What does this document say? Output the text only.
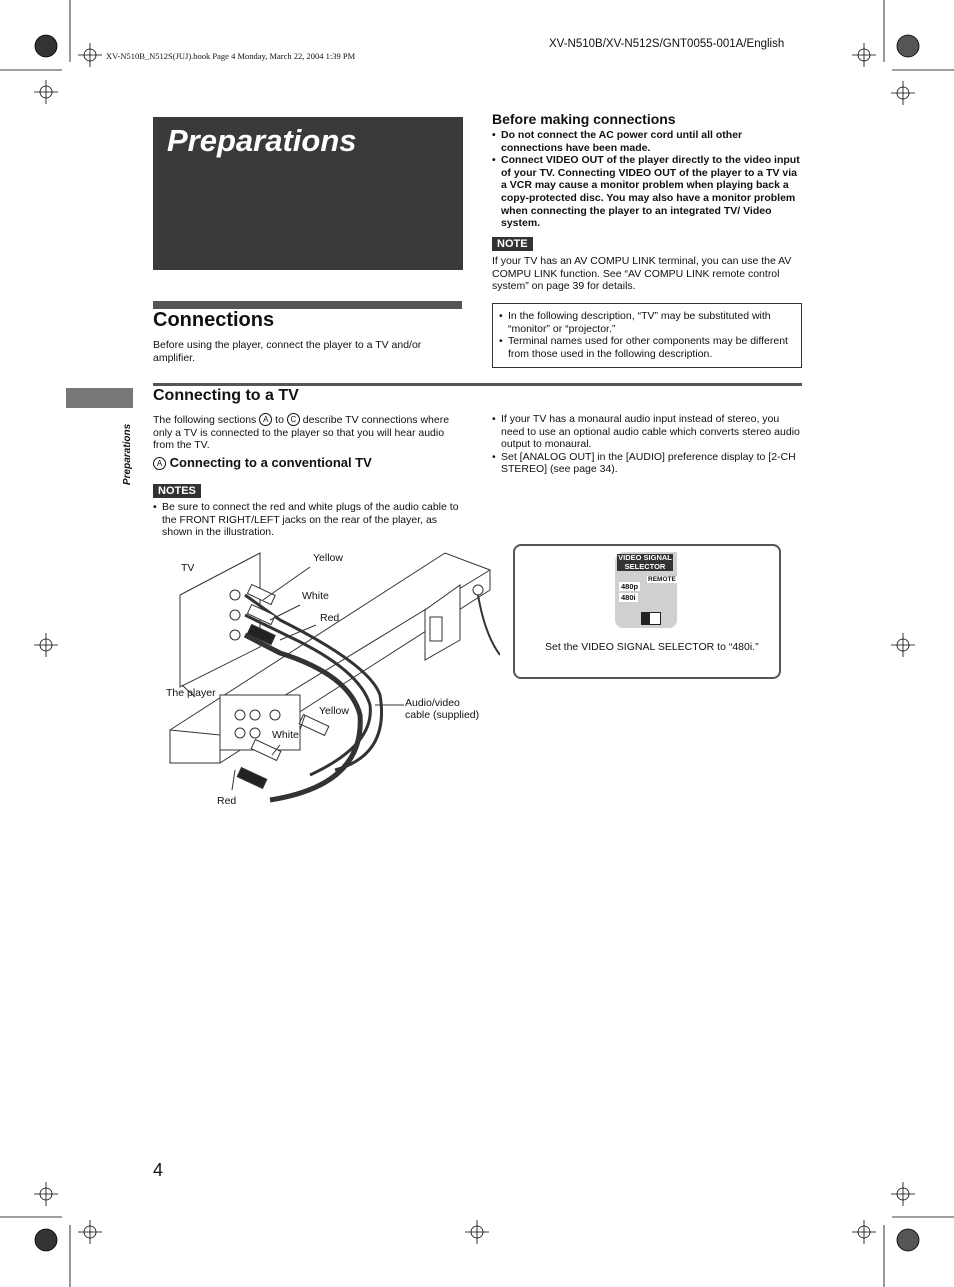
XV-N510B_N512S(JUJ).book Page 4 Monday, March 22, 2004 1:39 PM
XV-N510B/XV-N512S/GNT0055-001A/English
Preparations
Preparations
Before making connections
• Do not connect the AC power cord until all other connections have been made.
• Connect VIDEO OUT of the player directly to the video input of your TV. Connecting VIDEO OUT of the player to a TV via a VCR may cause a monitor problem when playing back a copy-protected disc. You may also have a monitor problem when connecting the player to an integrated TV/ Video system.
NOTE
If your TV has an AV COMPU LINK terminal, you can use the AV COMPU LINK function. See “AV COMPU LINK remote control system” on page 39 for details.
Connections
Before using the player, connect the player to a TV and/or amplifier.
• In the following description, “TV” may be substituted with “monitor” or “projector.”
• Terminal names used for other components may be different from those used in the following description.
Connecting to a TV
The following sections A to C describe TV connections where only a TV is connected to the player so that you will hear audio from the TV.
A Connecting to a conventional TV
NOTES
• Be sure to connect the red and white plugs of the audio cable to the FRONT RIGHT/LEFT jacks on the rear of the player, as shown in the illustration.
• If your TV has a monaural audio input instead of stereo, you need to use an optional audio cable which converts stereo audio output to monaural.
• Set [ANALOG OUT] in the [AUDIO] preference display to [2-CH STEREO] (see page 34).
TV
Yellow
White
Red
The player
Audio/video
cable (supplied)
Yellow
White
Red
VIDEO SIGNAL
SELECTOR
REMOTE
480p
480i
Set the VIDEO SIGNAL SELECTOR to “480i.”
4
